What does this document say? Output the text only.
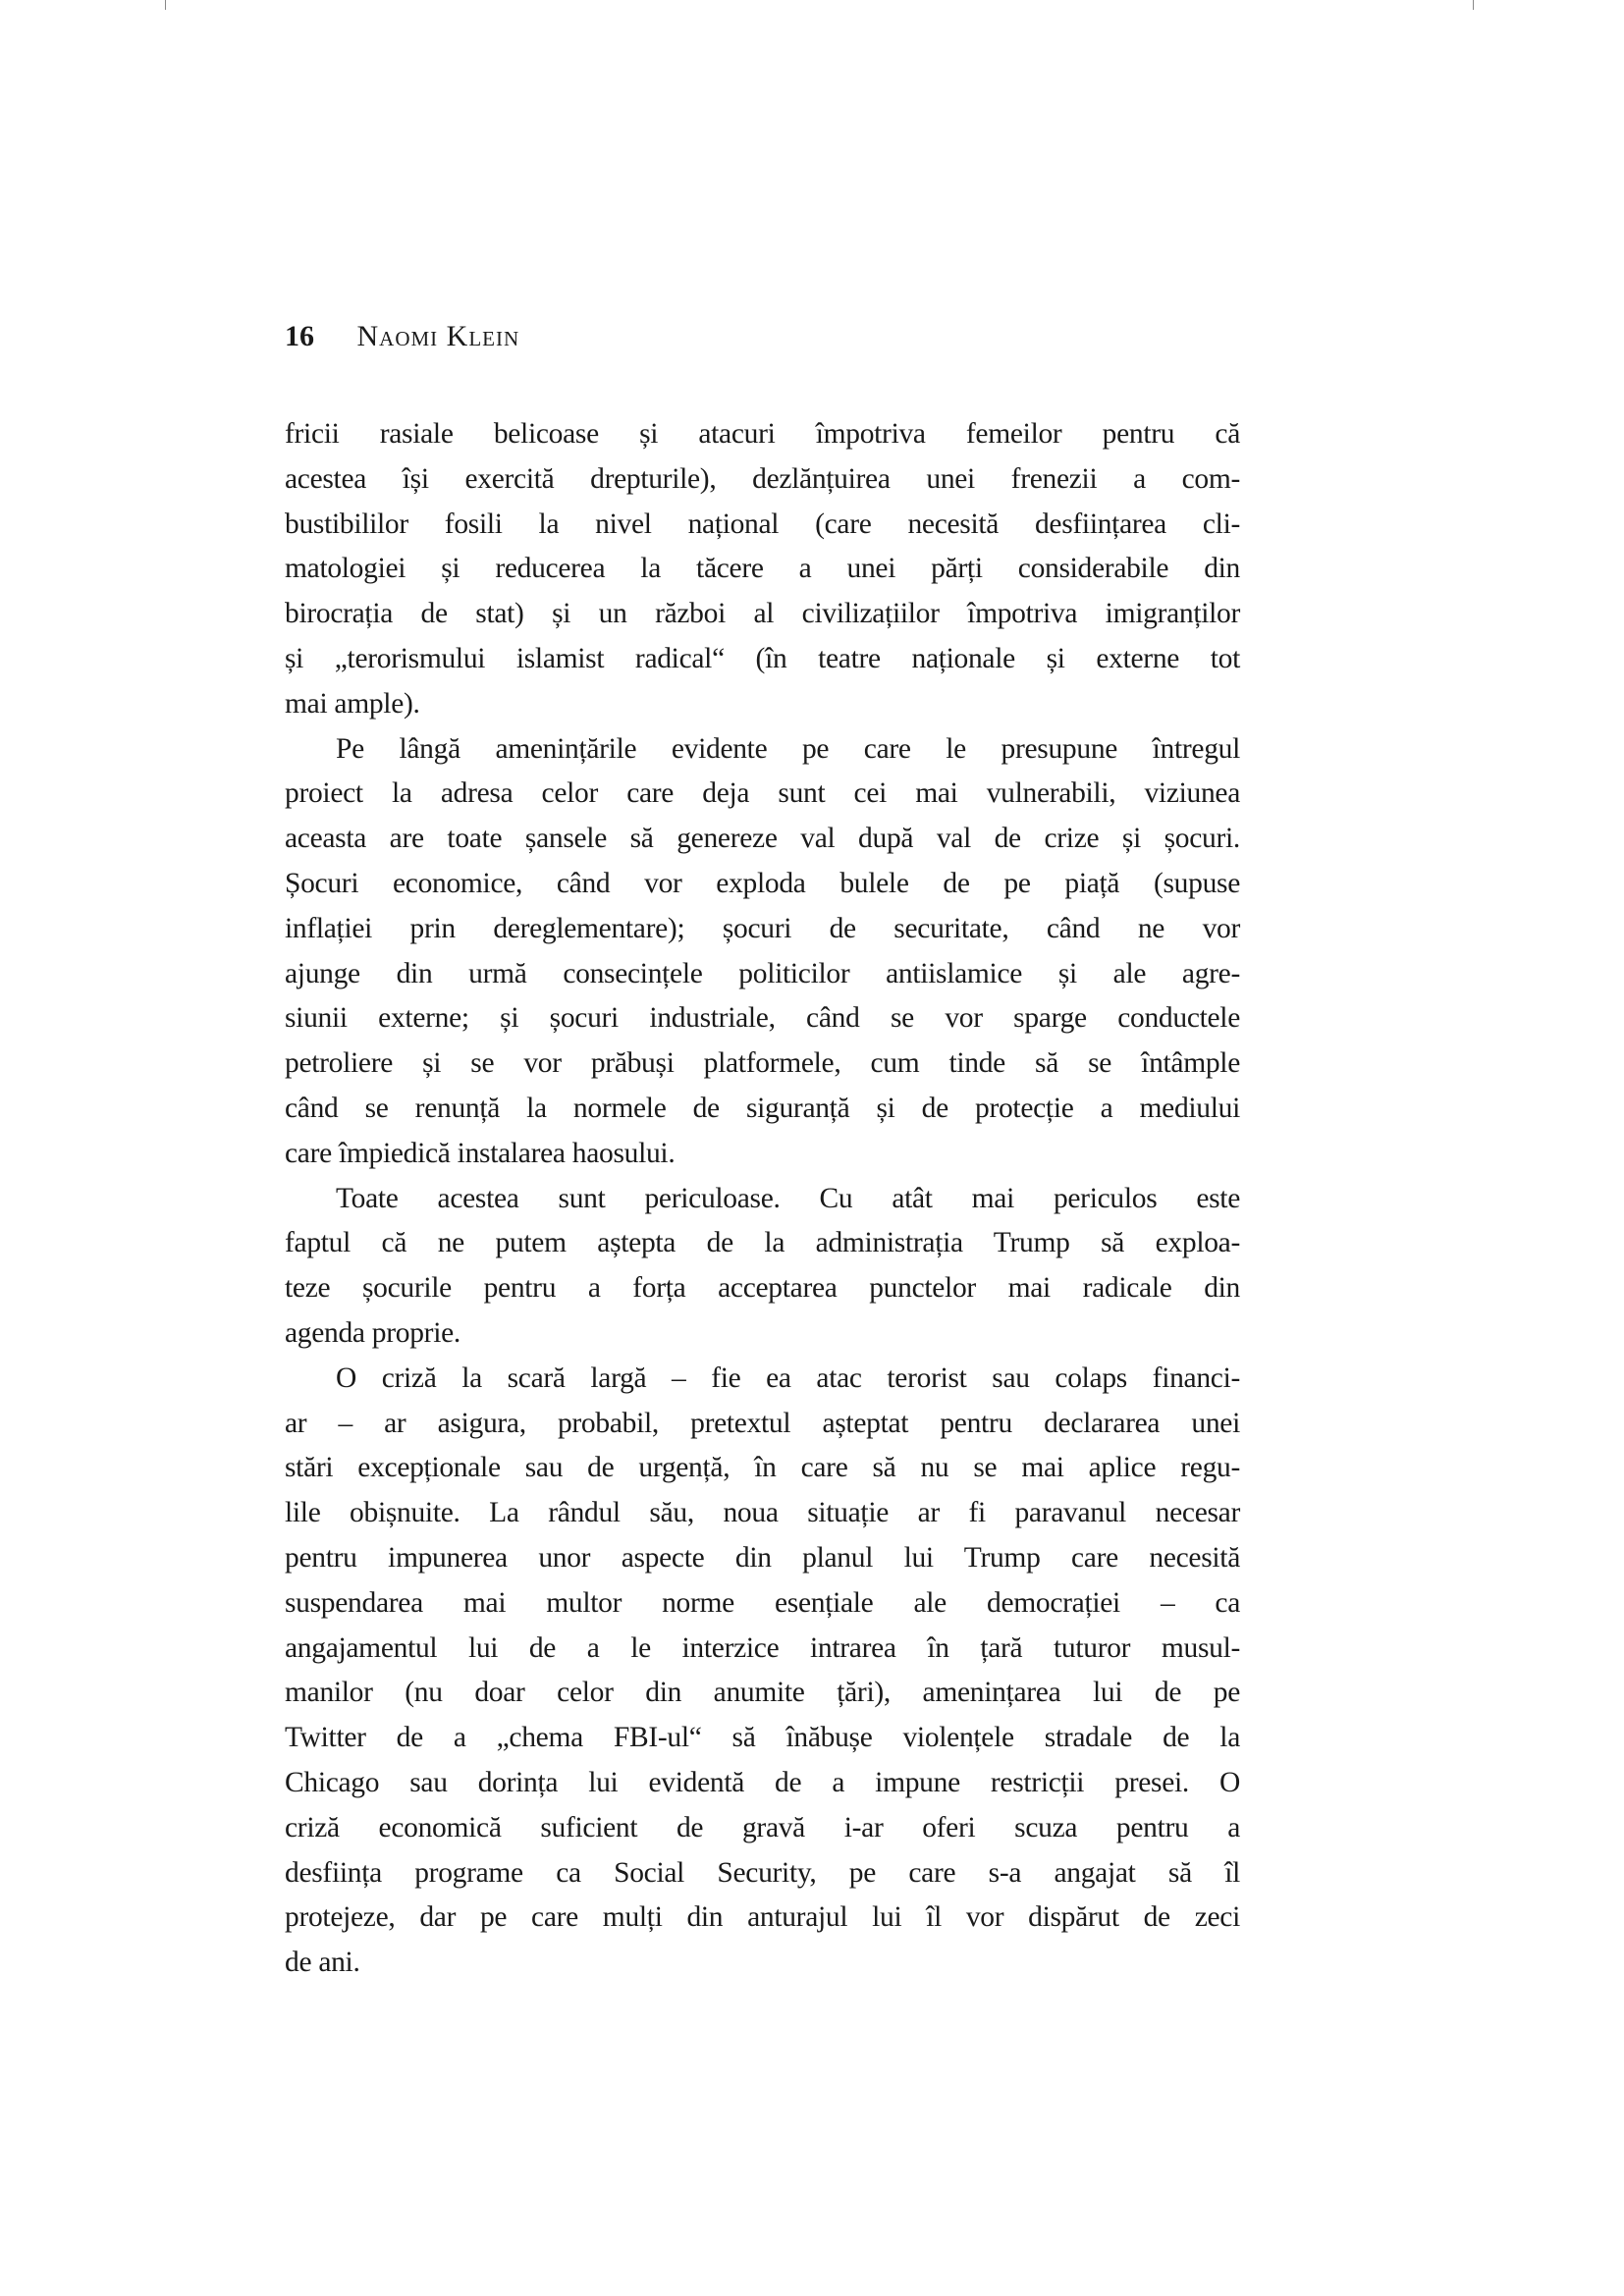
16 Naomi Klein
fricii rasiale belicoase și atacuri împotriva femeilor pentru că
acestea își exercită drepturile), dezlănțuirea unei frenezii a com-
bustibililor fosili la nivel național (care necesită desființarea cli-
matologiei și reducerea la tăcere a unei părți considerabile din
birocrația de stat) și un război al civilizațiilor împotriva imigranților
și „terorismului islamist radical“ (în teatre naționale și externe tot
mai ample).
Pe lângă amenințările evidente pe care le presupune întregul
proiect la adresa celor care deja sunt cei mai vulnerabili, viziunea
aceasta are toate șansele să genereze val după val de crize și șocuri.
Șocuri economice, când vor exploda bulele de pe piață (supuse
inflației prin dereglementare); șocuri de securitate, când ne vor
ajunge din urmă consecințele politicilor antiislamice și ale agre-
siunii externe; și șocuri industriale, când se vor sparge conductele
petroliere și se vor prăbuși platformele, cum tinde să se întâmple
când se renunță la normele de siguranță și de protecție a mediului
care împiedică instalarea haosului.
Toate acestea sunt periculoase. Cu atât mai periculos este
faptul că ne putem aștepta de la administrația Trump să exploa-
teze șocurile pentru a forța acceptarea punctelor mai radicale din
agenda proprie.
O criză la scară largă – fie ea atac terorist sau colaps financi-
ar – ar asigura, probabil, pretextul așteptat pentru declararea unei
stări excepționale sau de urgență, în care să nu se mai aplice regu-
lile obișnuite. La rândul său, noua situație ar fi paravanul necesar
pentru impunerea unor aspecte din planul lui Trump care necesită
suspendarea mai multor norme esențiale ale democrației – ca
angajamentul lui de a le interzice intrarea în țară tuturor musul-
manilor (nu doar celor din anumite țări), amenințarea lui de pe
Twitter de a „chema FBI-ul“ să înăbușe violențele stradale de la
Chicago sau dorința lui evidentă de a impune restricții presei. O
criză economică suficient de gravă i-ar oferi scuza pentru a
desființa programe ca Social Security, pe care s-a angajat să îl
protejeze, dar pe care mulți din anturajul lui îl vor dispărut de zeci
de ani.
